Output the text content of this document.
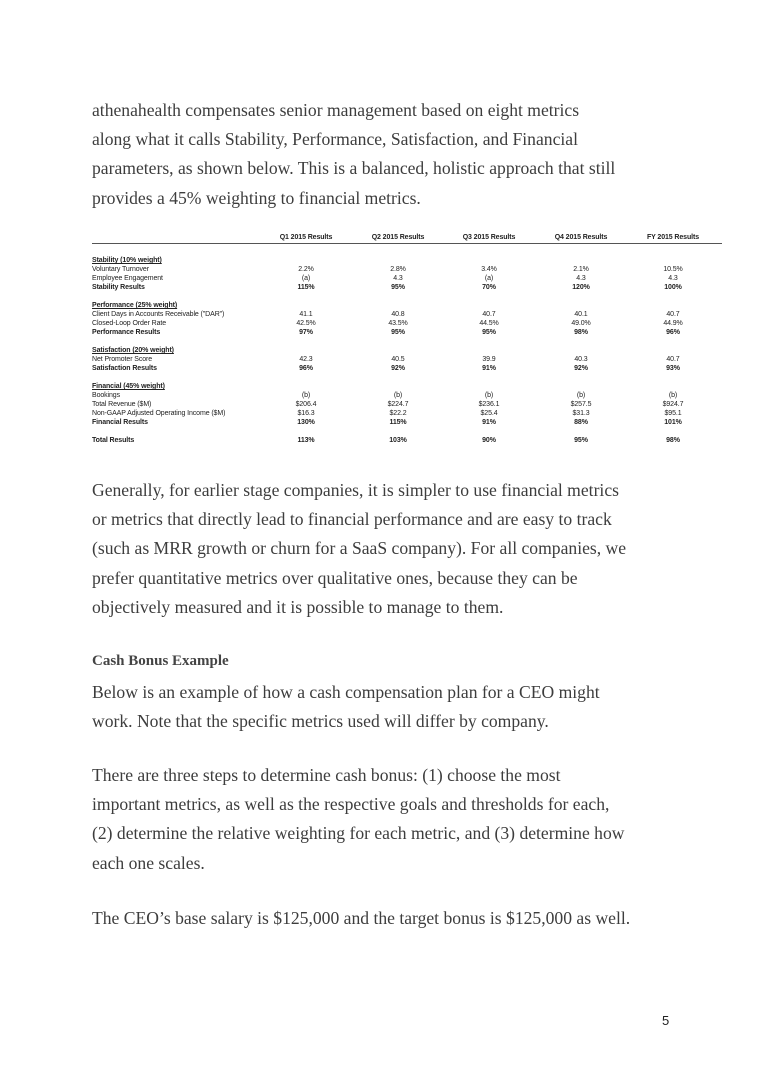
athenahealth compensates senior management based on eight metrics
along what it calls Stability, Performance, Satisfaction, and Financial
parameters, as shown below. This is a balanced, holistic approach that still
provides a 45% weighting to financial metrics.

Q1 2015 Results	Q2 2015 Results	Q3 2015 Results	Q4 2015 Results	FY 2015 Results
Stability (10% weight)
Voluntary Turnover	2.2%	2.8%	3.4%	2.1%	10.5%
Employee Engagement	(a)	4.3	(a)	4.3	4.3
Stability Results	115%	95%	70%	120%	100%
Performance (25% weight)
Client Days in Accounts Receivable ("DAR")	41.1	40.8	40.7	40.1	40.7
Closed-Loop Order Rate	42.5%	43.5%	44.5%	49.0%	44.9%
Performance Results	97%	95%	95%	98%	96%
Satisfaction (20% weight)
Net Promoter Score	42.3	40.5	39.9	40.3	40.7
Satisfaction Results	96%	92%	91%	92%	93%
Financial (45% weight)
Bookings	(b)	(b)	(b)	(b)	(b)
Total Revenue ($M)	$206.4	$224.7	$236.1	$257.5	$924.7
Non-GAAP Adjusted Operating Income ($M)	$16.3	$22.2	$25.4	$31.3	$95.1
Financial Results	130%	115%	91%	88%	101%
Total Results	113%	103%	90%	95%	98%

Generally, for earlier stage companies, it is simpler to use financial metrics
or metrics that directly lead to financial performance and are easy to track
(such as MRR growth or churn for a SaaS company). For all companies, we
prefer quantitative metrics over qualitative ones, because they can be
objectively measured and it is possible to manage to them.

Cash Bonus Example

Below is an example of how a cash compensation plan for a CEO might
work. Note that the specific metrics used will differ by company.

There are three steps to determine cash bonus: (1) choose the most
important metrics, as well as the respective goals and thresholds for each,
(2) determine the relative weighting for each metric, and (3) determine how
each one scales.

The CEO’s base salary is $125,000 and the target bonus is $125,000 as well.

5
